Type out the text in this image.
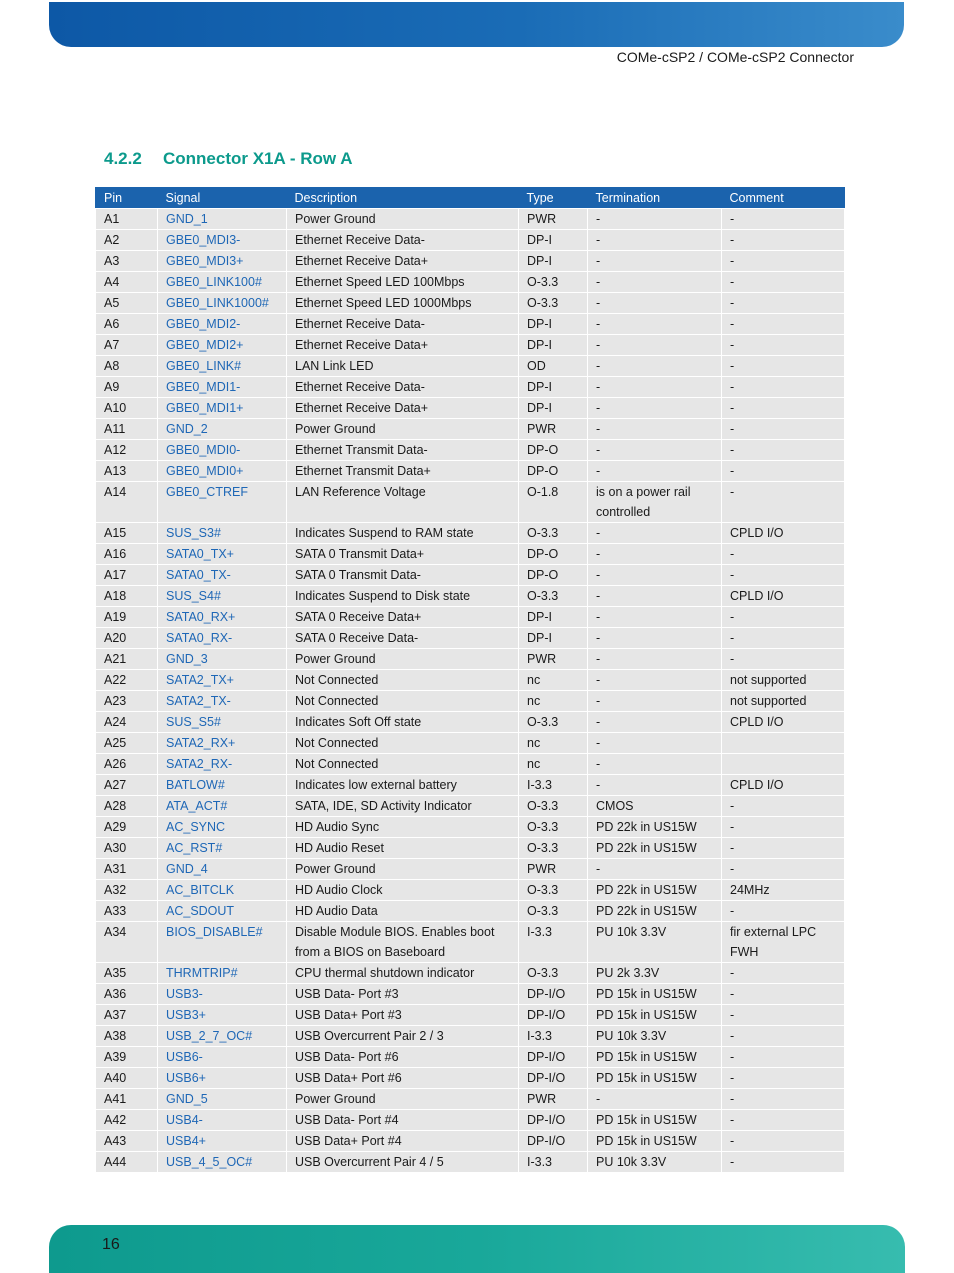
COMe-cSP2 / COMe-cSP2 Connector
4.2.2 Connector X1A - Row A
Pin	Signal	Description	Type	Termination	Comment
A1	GND_1	Power Ground	PWR	-	-
A2	GBE0_MDI3-	Ethernet Receive Data-	DP-I	-	-
A3	GBE0_MDI3+	Ethernet Receive Data+	DP-I	-	-
A4	GBE0_LINK100#	Ethernet Speed LED 100Mbps	O-3.3	-	-
A5	GBE0_LINK1000#	Ethernet Speed LED 1000Mbps	O-3.3	-	-
A6	GBE0_MDI2-	Ethernet Receive Data-	DP-I	-	-
A7	GBE0_MDI2+	Ethernet Receive Data+	DP-I	-	-
A8	GBE0_LINK#	LAN Link LED	OD	-	-
A9	GBE0_MDI1-	Ethernet Receive Data-	DP-I	-	-
A10	GBE0_MDI1+	Ethernet Receive Data+	DP-I	-	-
A11	GND_2	Power Ground	PWR	-	-
A12	GBE0_MDI0-	Ethernet Transmit Data-	DP-O	-	-
A13	GBE0_MDI0+	Ethernet Transmit Data+	DP-O	-	-
A14	GBE0_CTREF	LAN Reference Voltage	O-1.8	is on a power rail controlled	-
A15	SUS_S3#	Indicates Suspend to RAM state	O-3.3	-	CPLD I/O
A16	SATA0_TX+	SATA 0 Transmit Data+	DP-O	-	-
A17	SATA0_TX-	SATA 0 Transmit Data-	DP-O	-	-
A18	SUS_S4#	Indicates Suspend to Disk state	O-3.3	-	CPLD I/O
A19	SATA0_RX+	SATA 0 Receive Data+	DP-I	-	-
A20	SATA0_RX-	SATA 0 Receive Data-	DP-I	-	-
A21	GND_3	Power Ground	PWR	-	-
A22	SATA2_TX+	Not Connected	nc	-	not supported
A23	SATA2_TX-	Not Connected	nc	-	not supported
A24	SUS_S5#	Indicates Soft Off state	O-3.3	-	CPLD I/O
A25	SATA2_RX+	Not Connected	nc	-	
A26	SATA2_RX-	Not Connected	nc	-	
A27	BATLOW#	Indicates low external battery	I-3.3	-	CPLD I/O
A28	ATA_ACT#	SATA, IDE, SD Activity Indicator	O-3.3	CMOS	-
A29	AC_SYNC	HD Audio Sync	O-3.3	PD 22k in US15W	-
A30	AC_RST#	HD Audio Reset	O-3.3	PD 22k in US15W	-
A31	GND_4	Power Ground	PWR	-	-
A32	AC_BITCLK	HD Audio Clock	O-3.3	PD 22k in US15W	24MHz
A33	AC_SDOUT	HD Audio Data	O-3.3	PD 22k in US15W	-
A34	BIOS_DISABLE#	Disable Module BIOS. Enables boot from a BIOS on Baseboard	I-3.3	PU 10k 3.3V	fir external LPC FWH
A35	THRMTRIP#	CPU thermal shutdown indicator	O-3.3	PU 2k 3.3V	-
A36	USB3-	USB Data- Port #3	DP-I/O	PD 15k in US15W	-
A37	USB3+	USB Data+ Port #3	DP-I/O	PD 15k in US15W	-
A38	USB_2_7_OC#	USB Overcurrent Pair 2 / 3	I-3.3	PU 10k 3.3V	-
A39	USB6-	USB Data- Port #6	DP-I/O	PD 15k in US15W	-
A40	USB6+	USB Data+ Port #6	DP-I/O	PD 15k in US15W	-
A41	GND_5	Power Ground	PWR	-	-
A42	USB4-	USB Data- Port #4	DP-I/O	PD 15k in US15W	-
A43	USB4+	USB Data+ Port #4	DP-I/O	PD 15k in US15W	-
A44	USB_4_5_OC#	USB Overcurrent Pair 4 / 5	I-3.3	PU 10k 3.3V	-
16
